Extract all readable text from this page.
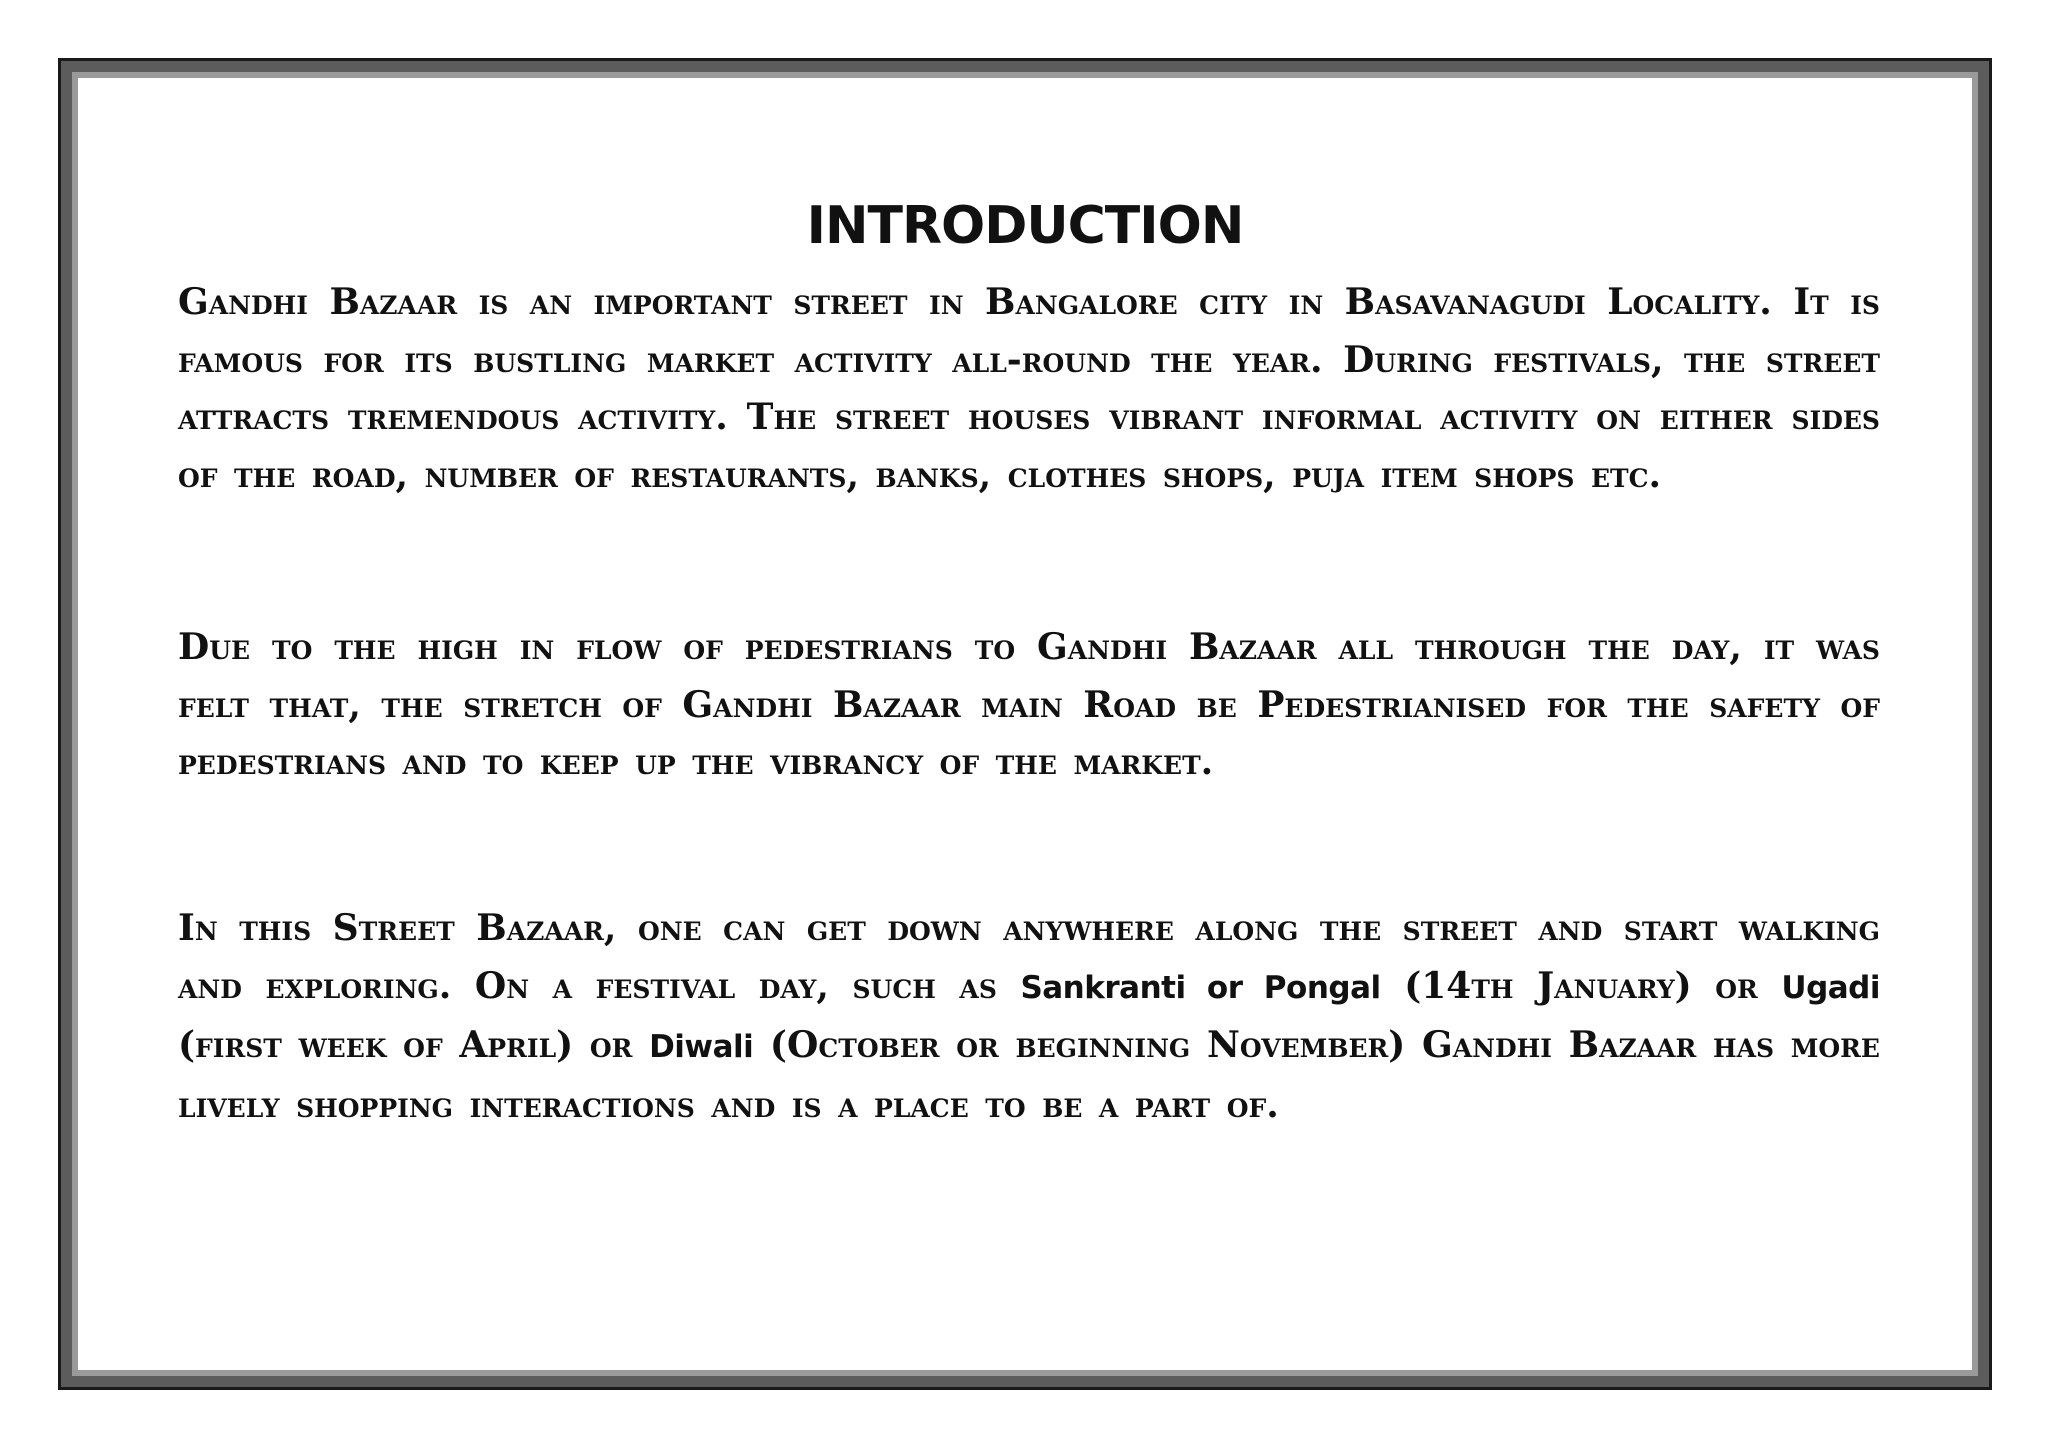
INTRODUCTION

Gandhi Bazaar is an important street in Bangalore city in Basavanagudi Locality. It is famous for its bustling market activity all-round the year. During festivals, the street attracts tremendous activity. The street houses vibrant informal activity on either sides of the road, number of restaurants, banks, clothes shops, puja item shops etc.

Due to the high in flow of pedestrians to Gandhi Bazaar all through the day, it was felt that, the stretch of Gandhi Bazaar main Road be Pedestrianised for the safety of pedestrians and to keep up the vibrancy of the market.

In this Street Bazaar, one can get down anywhere along the street and start walking and exploring. On a festival day, such as Sankranti or Pongal (14th January) or Ugadi (first week of April) or Diwali (October or beginning November) Gandhi Bazaar has more lively shopping interactions and is a place to be a part of.
